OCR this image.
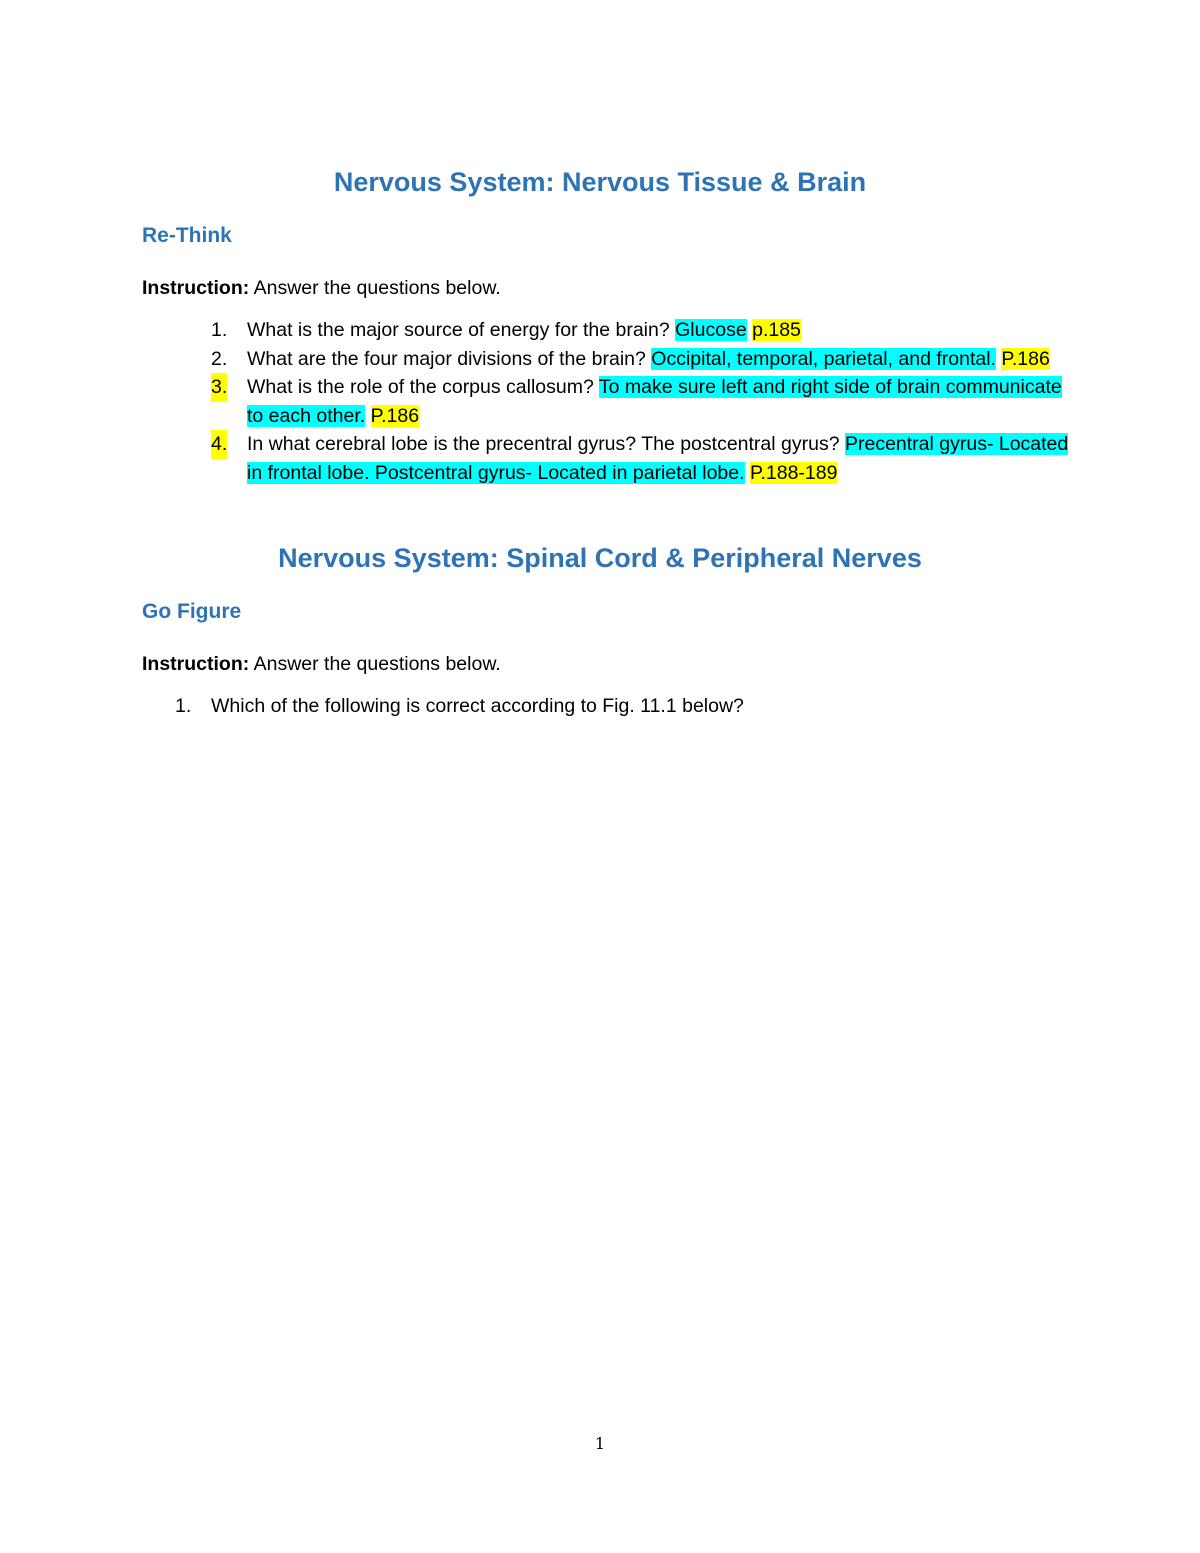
Nervous System: Nervous Tissue & Brain
Re-Think

Instruction: Answer the questions below.

1. What is the major source of energy for the brain? Glucose p.185
2. What are the four major divisions of the brain? Occipital, temporal, parietal, and frontal. P.186
3. What is the role of the corpus callosum? To make sure left and right side of brain communicate to each other. P.186
4. In what cerebral lobe is the precentral gyrus? The postcentral gyrus? Precentral gyrus- Located in frontal lobe. Postcentral gyrus- Located in parietal lobe. P.188-189
Nervous System: Spinal Cord & Peripheral Nerves
Go Figure

Instruction: Answer the questions below.

1. Which of the following is correct according to Fig. 11.1 below?

1
